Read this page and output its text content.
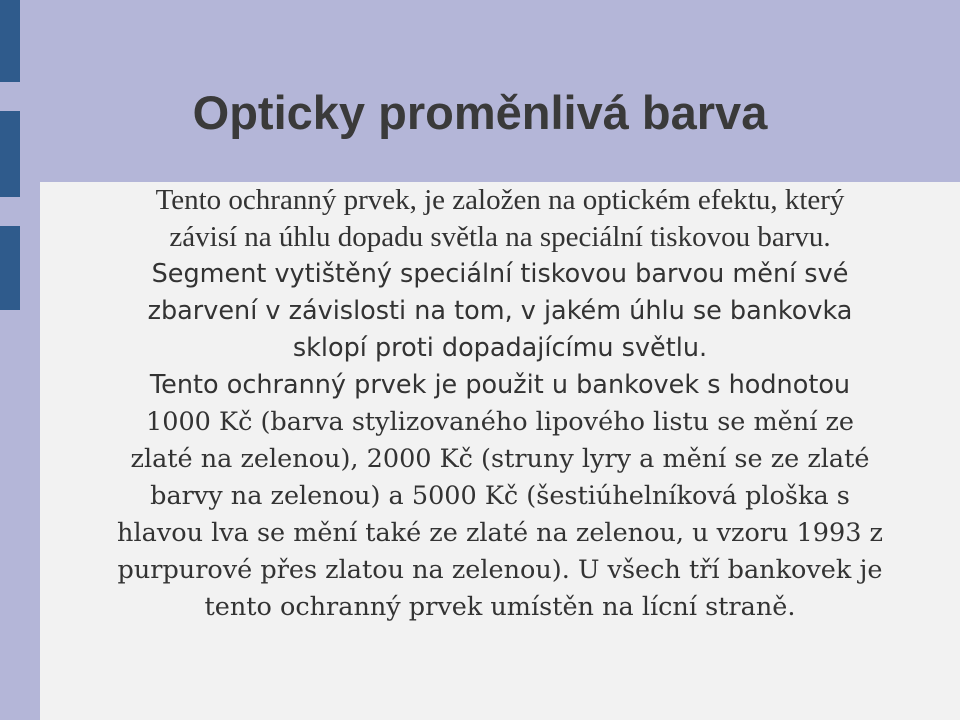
Opticky proměnlivá barva

Tento ochranný prvek, je založen na optickém efektu, který
závisí na úhlu dopadu světla na speciální tiskovou barvu.

Segment vytištěný speciální tiskovou barvou mění své
zbarvení v závislosti na tom, v jakém úhlu se bankovka
sklopí proti dopadajícímu světlu.

Tento ochranný prvek je použit u bankovek s hodnotou

1000 Kč (barva stylizovaného lipového listu se mění ze
zlaté na zelenou), 2000 Kč (struny lyry a mění se ze zlaté
barvy na zelenou) a 5000 Kč (šestiúhelníková ploška s
hlavou lva se mění také ze zlaté na zelenou, u vzoru 1993 z
purpurové přes zlatou na zelenou). U všech tří bankovek je
tento ochranný prvek umístěn na lícní straně.
